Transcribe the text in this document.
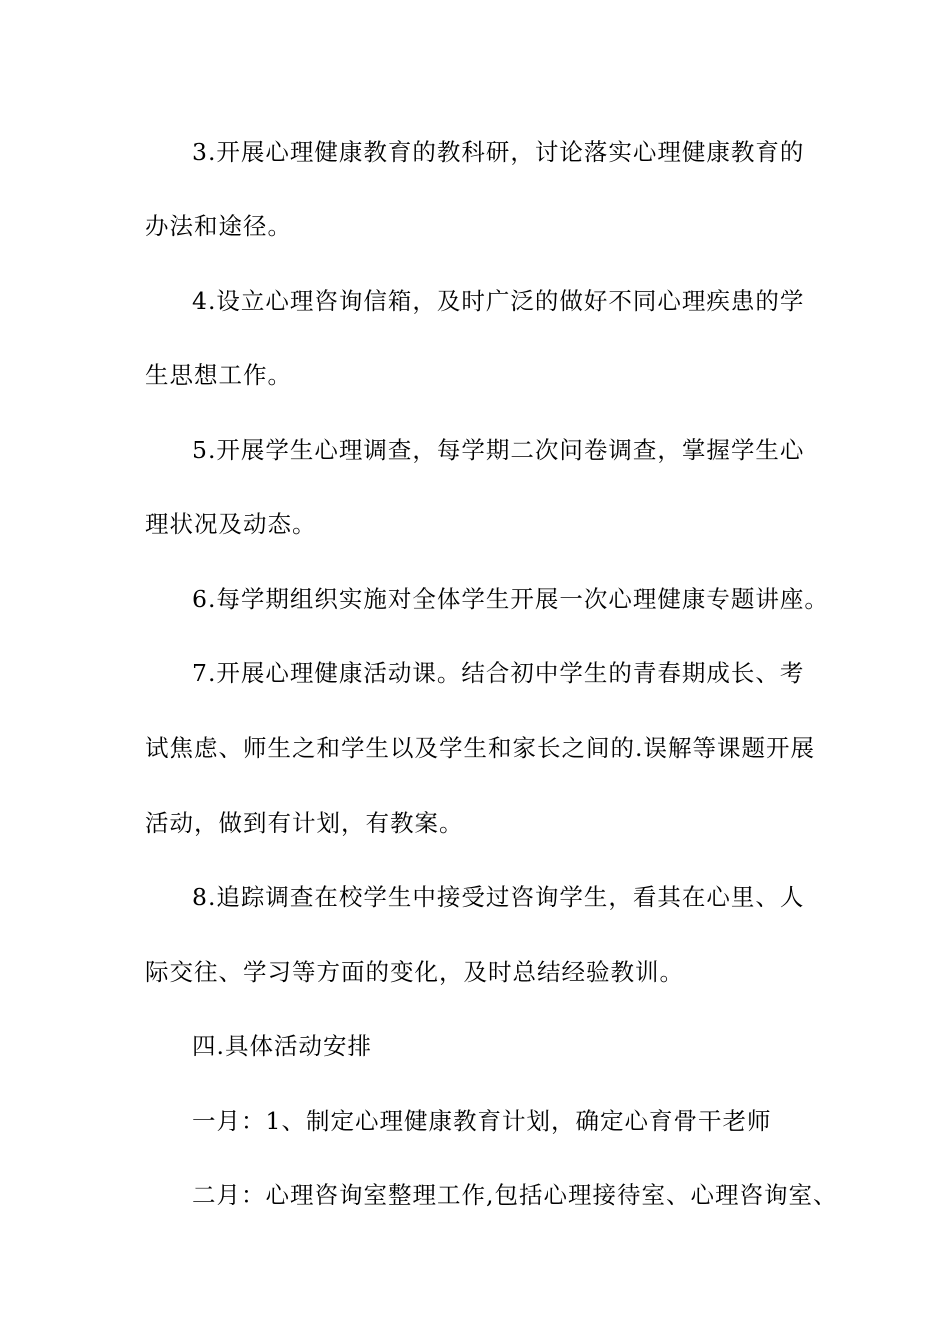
3.开展心理健康教育的教科研，讨论落实心理健康教育的
办法和途径。
4.设立心理咨询信箱，及时广泛的做好不同心理疾患的学
生思想工作。
5.开展学生心理调查，每学期二次问卷调查，掌握学生心
理状况及动态。
6.每学期组织实施对全体学生开展一次心理健康专题讲座。
7.开展心理健康活动课。结合初中学生的青春期成长、考
试焦虑、师生之和学生以及学生和家长之间的.误解等课题开展
活动，做到有计划，有教案。
8.追踪调查在校学生中接受过咨询学生，看其在心里、人
际交往、学习等方面的变化，及时总结经验教训。
四.具体活动安排
一月：1、制定心理健康教育计划，确定心育骨干老师
二月：心理咨询室整理工作,包括心理接待室、心理咨询室、
